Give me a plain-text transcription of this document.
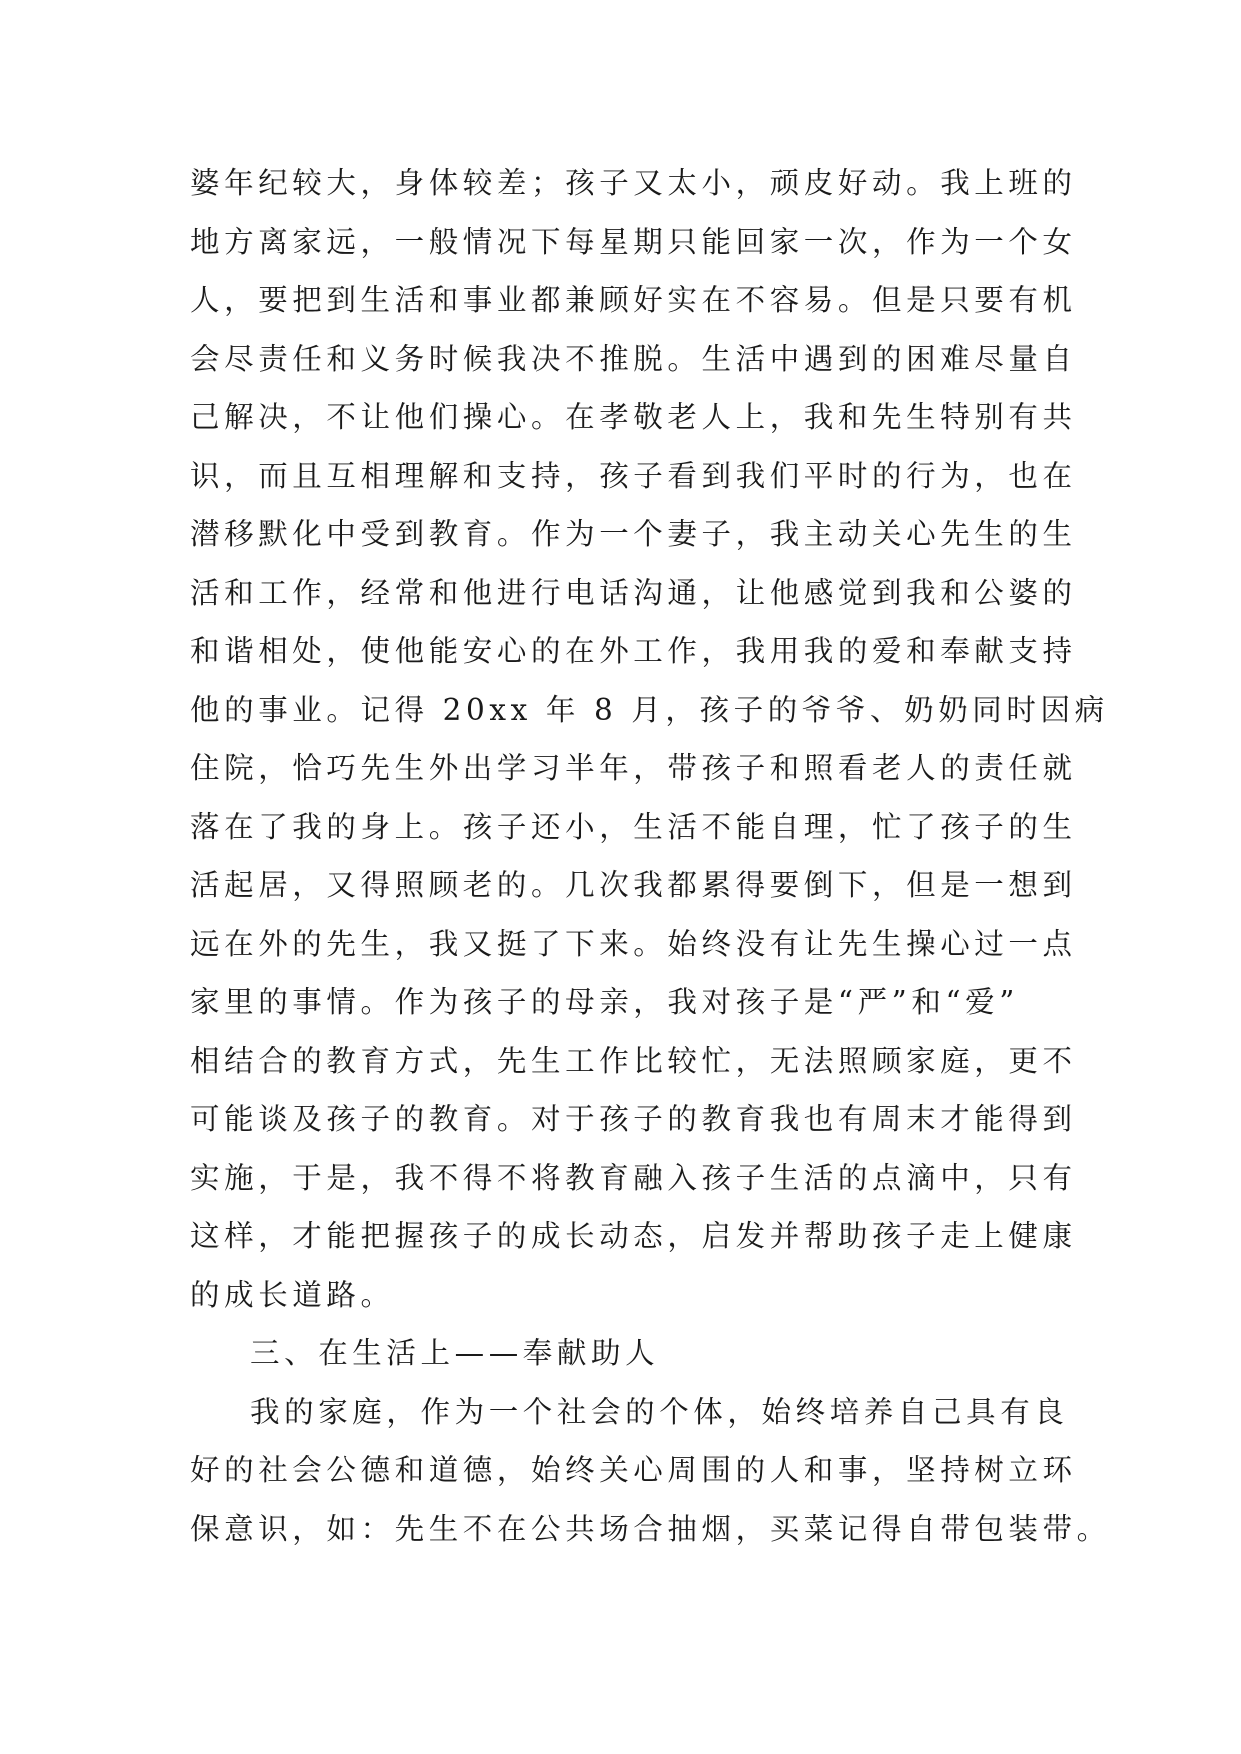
婆年纪较大，身体较差；孩子又太小，顽皮好动。我上班的
地方离家远，一般情况下每星期只能回家一次，作为一个女
人，要把到生活和事业都兼顾好实在不容易。但是只要有机
会尽责任和义务时候我决不推脱。生活中遇到的困难尽量自
己解决，不让他们操心。在孝敬老人上，我和先生特别有共
识，而且互相理解和支持，孩子看到我们平时的行为，也在
潜移默化中受到教育。作为一个妻子，我主动关心先生的生
活和工作，经常和他进行电话沟通，让他感觉到我和公婆的
和谐相处，使他能安心的在外工作，我用我的爱和奉献支持
他的事业。记得 20xx 年 8 月，孩子的爷爷、奶奶同时因病
住院，恰巧先生外出学习半年，带孩子和照看老人的责任就
落在了我的身上。孩子还小，生活不能自理，忙了孩子的生
活起居，又得照顾老的。几次我都累得要倒下，但是一想到
远在外的先生，我又挺了下来。始终没有让先生操心过一点
家里的事情。作为孩子的母亲，我对孩子是“严”和“爱”
相结合的教育方式，先生工作比较忙，无法照顾家庭，更不
可能谈及孩子的教育。对于孩子的教育我也有周末才能得到
实施，于是，我不得不将教育融入孩子生活的点滴中，只有
这样，才能把握孩子的成长动态，启发并帮助孩子走上健康
的成长道路。
三、在生活上——奉献助人
我的家庭，作为一个社会的个体，始终培养自己具有良
好的社会公德和道德，始终关心周围的人和事，坚持树立环
保意识，如：先生不在公共场合抽烟，买菜记得自带包装带。
